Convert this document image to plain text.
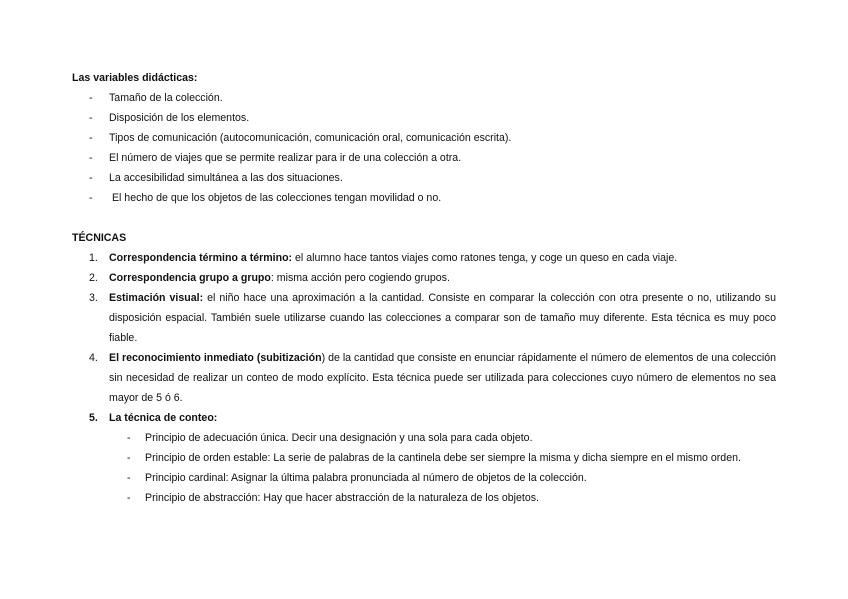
Las variables didácticas:

- Tamaño de la colección.
- Disposición de los elementos.
- Tipos de comunicación (autocomunicación, comunicación oral, comunicación escrita).
- El número de viajes que se permite realizar para ir de una colección a otra.
- La accesibilidad simultánea a las dos situaciones.
- El hecho de que los objetos de las colecciones tengan movilidad o no.

TÉCNICAS

1. Correspondencia término a término: el alumno hace tantos viajes como ratones tenga, y coge un queso en cada viaje.
2. Correspondencia grupo a grupo: misma acción pero cogiendo grupos.
3. Estimación visual: el niño hace una aproximación a la cantidad. Consiste en comparar la colección con otra presente o no, utilizando su disposición espacial. También suele utilizarse cuando las colecciones a comparar son de tamaño muy diferente. Esta técnica es muy poco fiable.
4. El reconocimiento inmediato (subitización) de la cantidad que consiste en enunciar rápidamente el número de elementos de una colección sin necesidad de realizar un conteo de modo explícito. Esta técnica puede ser utilizada para colecciones cuyo número de elementos no sea mayor de 5 ó 6.
5. La técnica de conteo:
- Principio de adecuación única. Decir una designación y una sola para cada objeto.
- Principio de orden estable: La serie de palabras de la cantinela debe ser siempre la misma y dicha siempre en el mismo orden.
- Principio cardinal: Asignar la última palabra pronunciada al número de objetos de la colección.
- Principio de abstracción: Hay que hacer abstracción de la naturaleza de los objetos.
